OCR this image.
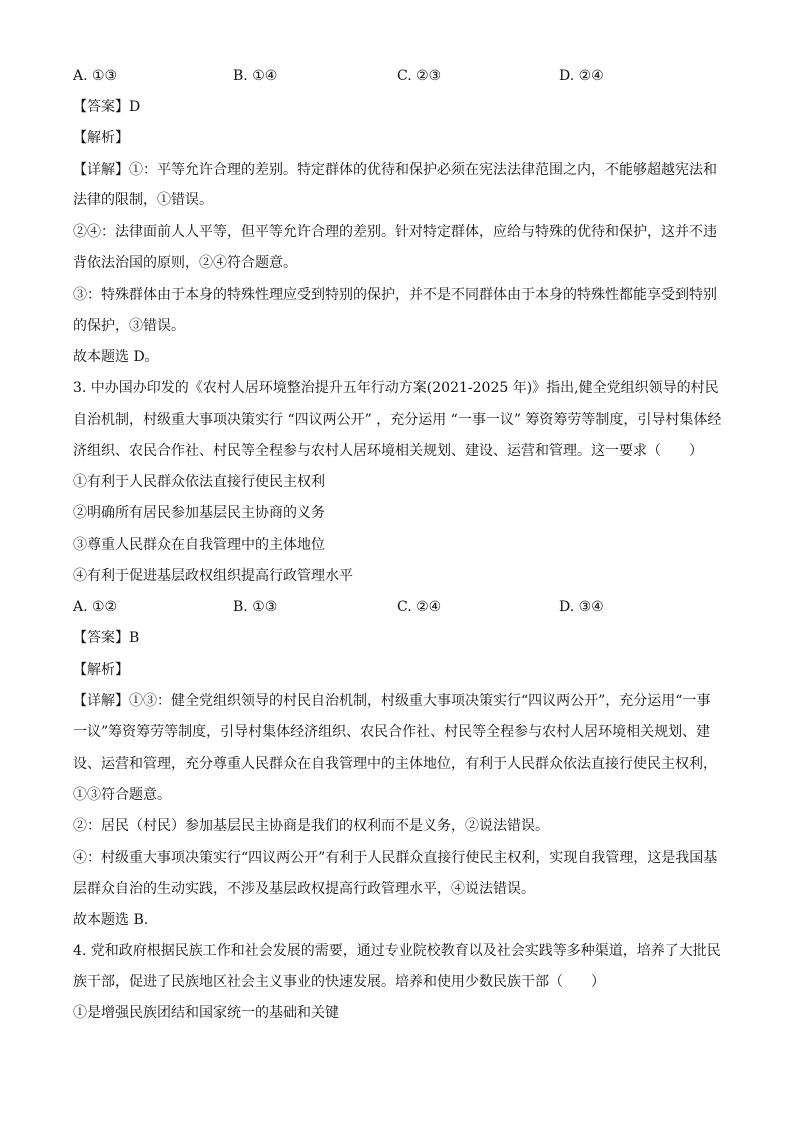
A. ①③	B. ①④	C. ②③	D. ②④
【答案】D
【解析】
【详解】①：平等允许合理的差别。特定群体的优待和保护必须在宪法法律范围之内，不能够超越宪法和
法律的限制，①错误。
②④：法律面前人人平等，但平等允许合理的差别。针对特定群体，应给与特殊的优待和保护，这并不违
背依法治国的原则，②④符合题意。
③：特殊群体由于本身的特殊性理应受到特别的保护，并不是不同群体由于本身的特殊性都能享受到特别
的保护，③错误。
故本题选 D。
3. 中办国办印发的《农村人居环境整治提升五年行动方案(2021-2025 年)》指出,健全党组织领导的村民
自治机制，村级重大事项决策实行 “四议两公开” ，充分运用 “一事一议” 筹资筹劳等制度，引导村集体经
济组织、农民合作社、村民等全程参与农村人居环境相关规划、建设、运营和管理。这一要求（　　）
①有利于人民群众依法直接行使民主权利
②明确所有居民参加基层民主协商的义务
③尊重人民群众在自我管理中的主体地位
④有利于促进基层政权组织提高行政管理水平
A. ①②	B. ①③	C. ②④	D. ③④
【答案】B
【解析】
【详解】①③：健全党组织领导的村民自治机制，村级重大事项决策实行“四议两公开”，充分运用“一事
一议”筹资筹劳等制度，引导村集体经济组织、农民合作社、村民等全程参与农村人居环境相关规划、建
设、运营和管理，充分尊重人民群众在自我管理中的主体地位，有利于人民群众依法直接行使民主权利，
①③符合题意。
②：居民（村民）参加基层民主协商是我们的权利而不是义务，②说法错误。
④：村级重大事项决策实行“四议两公开”有利于人民群众直接行使民主权利，实现自我管理，这是我国基
层群众自治的生动实践，不涉及基层政权提高行政管理水平，④说法错误。
故本题选 B.
4. 党和政府根据民族工作和社会发展的需要，通过专业院校教育以及社会实践等多种渠道，培养了大批民
族干部，促进了民族地区社会主义事业的快速发展。培养和使用少数民族干部（　　）
①是增强民族团结和国家统一的基础和关键
